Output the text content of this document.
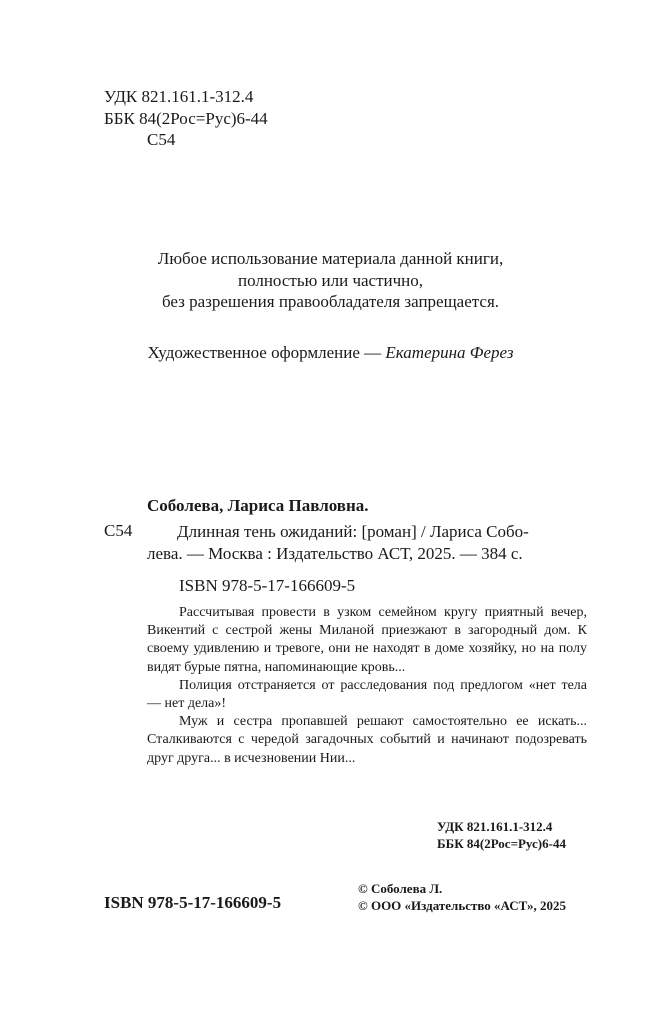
УДК 821.161.1-312.4
ББК 84(2Рос=Рус)6-44
С54
Любое использование материала данной книги,
полностью или частично,
без разрешения правообладателя запрещается.
Художественное оформление — Екатерина Ферез
Соболева, Лариса Павловна.
С54	Длинная тень ожиданий: [роман] / Лариса Собо-
лева. — Москва : Издательство АСТ, 2025. — 384 с.
ISBN 978-5-17-166609-5

Рассчитывая провести в узком семейном кругу приятный вечер, Викентий с сестрой жены Миланой приезжают в загородный дом. К своему удивлению и тревоге, они не находят в доме хозяйку, но на полу видят бурые пятна, напоминающие кровь...

Полиция отстраняется от расследования под предлогом «нет тела — нет дела»!

Муж и сестра пропавшей решают самостоятельно ее искать... Сталкиваются с чередой загадочных событий и начинают подозревать друг друга... в исчезновении Нии...

УДК 821.161.1-312.4
ББК 84(2Рос=Рус)6-44
ISBN 978-5-17-166609-5
© Соболева Л.
© ООО «Издательство «АСТ», 2025
